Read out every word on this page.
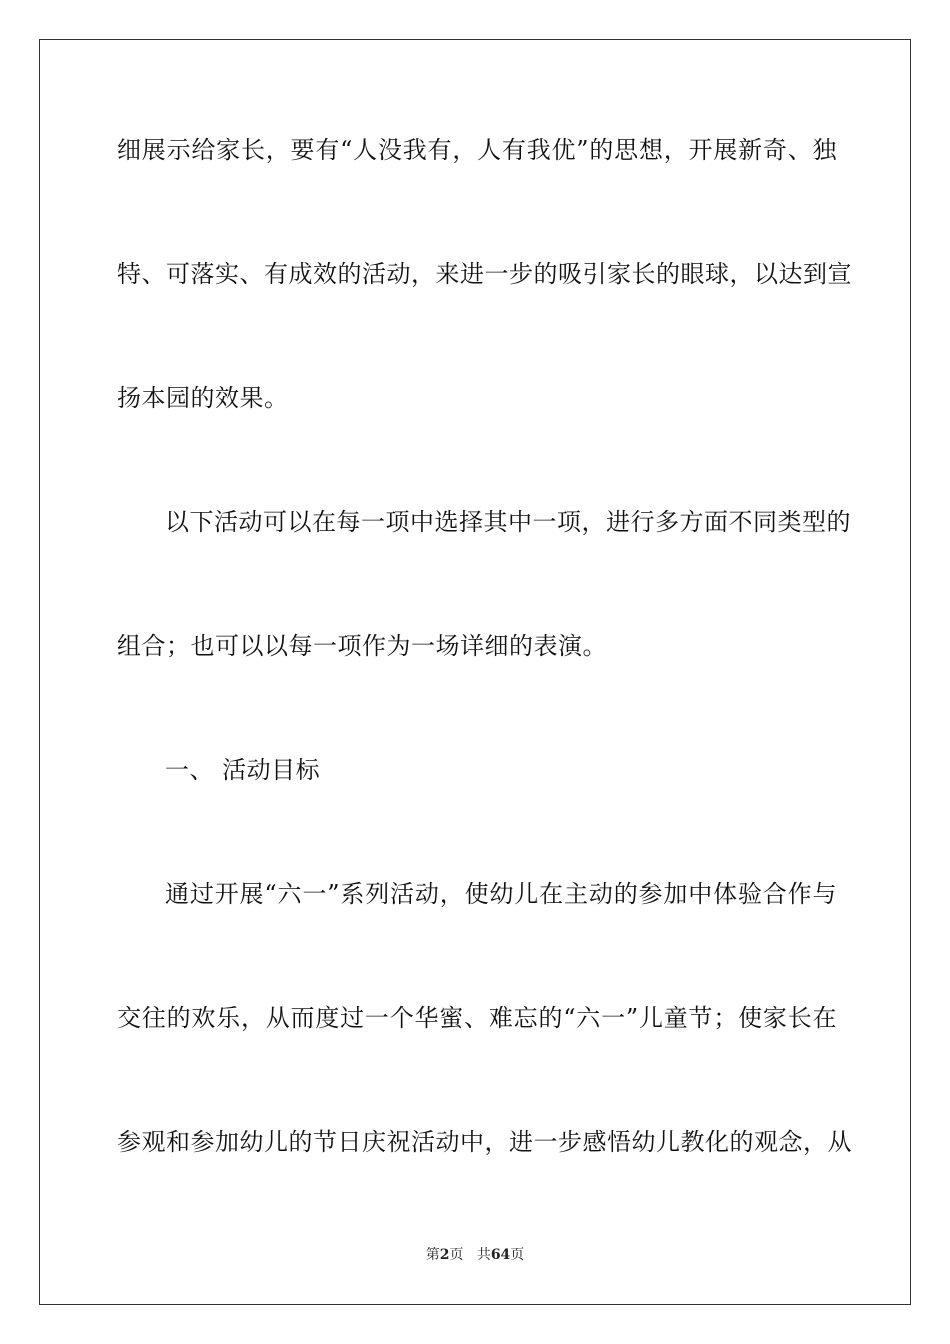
细展示给家长，要有“人没我有，人有我优”的思想，开展新奇、独
特、可落实、有成效的活动，来进一步的吸引家长的眼球，以达到宣
扬本园的效果。
以下活动可以在每一项中选择其中一项，进行多方面不同类型的
组合；也可以以每一项作为一场详细的表演。
一、 活动目标
通过开展“六一”系列活动，使幼儿在主动的参加中体验合作与
交往的欢乐，从而度过一个华蜜、难忘的“六一”儿童节；使家长在
参观和参加幼儿的节日庆祝活动中，进一步感悟幼儿教化的观念，从
第2页 共64页
